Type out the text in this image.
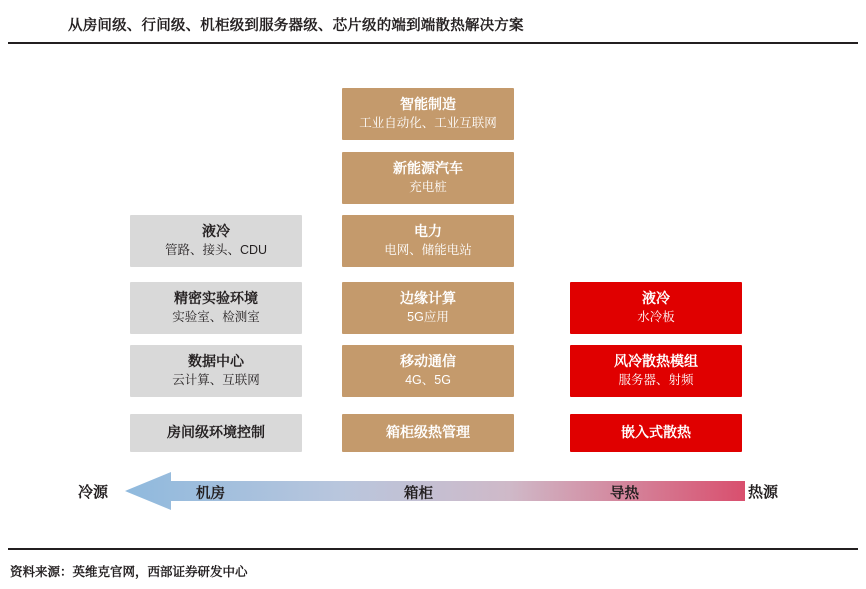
从房间级、行间级、机柜级到服务器级、芯片级的端到端散热解决方案
液冷
管路、接头、CDU
精密实验环境
实验室、检测室
数据中心
云计算、互联网
房间级环境控制
智能制造
工业自动化、工业互联网
新能源汽车
充电桩
电力
电网、储能电站
边缘计算
5G应用
移动通信
4G、5G
箱柜级热管理
液冷
水冷板
风冷散热模组
服务器、射频
嵌入式散热
冷源	热源
机房	箱柜	导热
资料来源：英维克官网，西部证券研发中心
